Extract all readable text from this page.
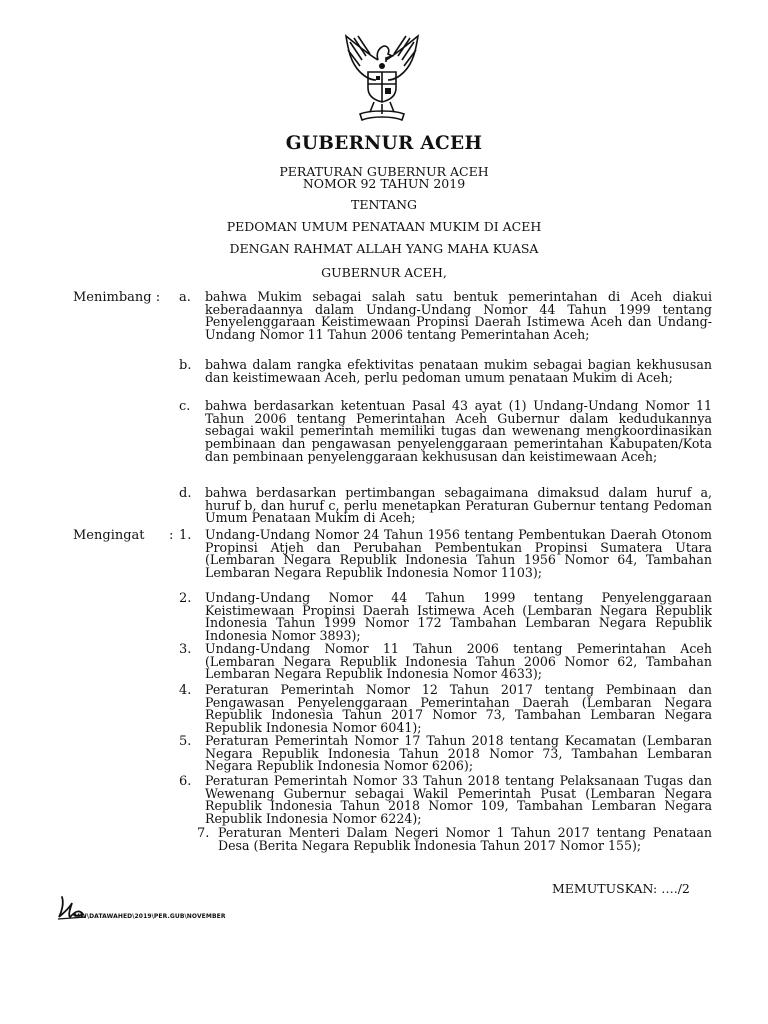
GUBERNUR ACEH
PERATURAN GUBERNUR ACEH
NOMOR 92 TAHUN 2019
TENTANG
PEDOMAN UMUM PENATAAN MUKIM DI ACEH
DENGAN RAHMAT ALLAH YANG MAHA KUASA
GUBERNUR ACEH,
Menimbang : a. bahwa Mukim sebagai salah satu bentuk pemerintahan di Aceh diakui keberadaannya dalam Undang-Undang Nomor 44 Tahun 1999 tentang Penyelenggaraan Keistimewaan Propinsi Daerah Istimewa Aceh dan Undang-Undang Nomor 11 Tahun 2006 tentang Pemerintahan Aceh;
b. bahwa dalam rangka efektivitas penataan mukim sebagai bagian kekhususan dan keistimewaan Aceh, perlu pedoman umum penataan Mukim di Aceh;
c. bahwa berdasarkan ketentuan Pasal 43 ayat (1) Undang-Undang Nomor 11 Tahun 2006 tentang Pemerintahan Aceh Gubernur dalam kedudukannya sebagai wakil pemerintah memiliki tugas dan wewenang mengkoordinasikan pembinaan dan pengawasan penyelenggaraan pemerintahan Kabupaten/Kota dan pembinaan penyelenggaraan kekhususan dan keistimewaan Aceh;
d. bahwa berdasarkan pertimbangan sebagaimana dimaksud dalam huruf a, huruf b, dan huruf c, perlu menetapkan Peraturan Gubernur tentang Pedoman Umum Penataan Mukim di Aceh;
Mengingat : 1. Undang-Undang Nomor 24 Tahun 1956 tentang Pembentukan Daerah Otonom Propinsi Atjeh dan Perubahan Pembentukan Propinsi Sumatera Utara (Lembaran Negara Republik Indonesia Tahun 1956 Nomor 64, Tambahan Lembaran Negara Republik Indonesia Nomor 1103);
2. Undang-Undang Nomor 44 Tahun 1999 tentang Penyelenggaraan Keistimewaan Propinsi Daerah Istimewa Aceh (Lembaran Negara Republik Indonesia Tahun 1999 Nomor 172 Tambahan Lembaran Negara Republik Indonesia Nomor 3893);
3. Undang-Undang Nomor 11 Tahun 2006 tentang Pemerintahan Aceh (Lembaran Negara Republik Indonesia Tahun 2006 Nomor 62, Tambahan Lembaran Negara Republik Indonesia Nomor 4633);
4. Peraturan Pemerintah Nomor 12 Tahun 2017 tentang Pembinaan dan Pengawasan Penyelenggaraan Pemerintahan Daerah (Lembaran Negara Republik Indonesia Tahun 2017 Nomor 73, Tambahan Lembaran Negara Republik Indonesia Nomor 6041);
5. Peraturan Pemerintah Nomor 17 Tahun 2018 tentang Kecamatan (Lembaran Negara Republik Indonesia Tahun 2018 Nomor 73, Tambahan Lembaran Negara Republik Indonesia Nomor 6206);
6. Peraturan Pemerintah Nomor 33 Tahun 2018 tentang Pelaksanaan Tugas dan Wewenang Gubernur sebagai Wakil Pemerintah Pusat (Lembaran Negara Republik Indonesia Tahun 2018 Nomor 109, Tambahan Lembaran Negara Republik Indonesia Nomor 6224);
7. Peraturan Menteri Dalam Negeri Nomor 1 Tahun 2017 tentang Penataan Desa (Berita Negara Republik Indonesia Tahun 2017 Nomor 155);
MEMUTUSKAN: …./2
MW\DATAWAHED\2019\PER.GUB\NOVEMBER
